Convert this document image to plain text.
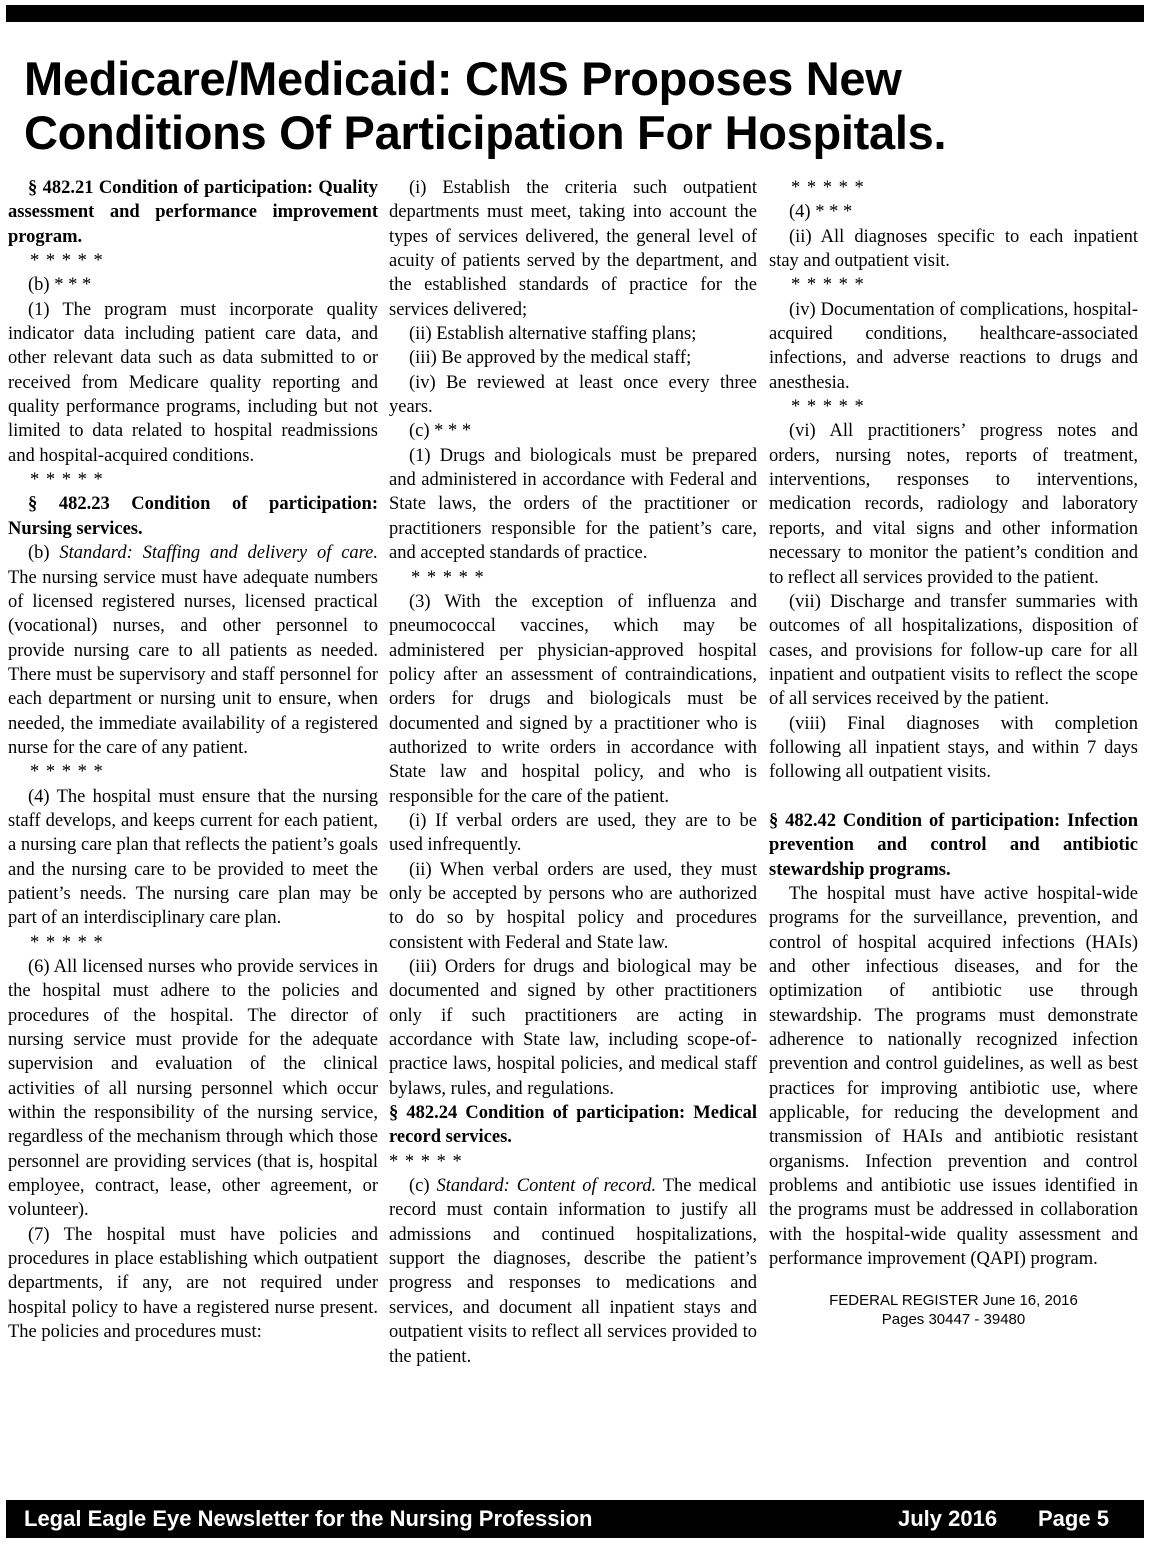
Medicare/Medicaid: CMS Proposes New
Conditions Of Participation For Hospitals.
§ 482.21 Condition of participation: Quality assessment and performance improvement program.

* * * * *

(b) * * *

(1) The program must incorporate quality indicator data including patient care data, and other relevant data such as data submitted to or received from Medicare quality reporting and quality performance programs, including but not limited to data related to hospital readmissions and hospital-acquired conditions.

* * * * *

§ 482.23 Condition of participation: Nursing services.

(b) Standard: Staffing and delivery of care. The nursing service must have adequate numbers of licensed registered nurses, licensed practical (vocational) nurses, and other personnel to provide nursing care to all patients as needed. There must be supervisory and staff personnel for each department or nursing unit to ensure, when needed, the immediate availability of a registered nurse for the care of any patient.

* * * * *

(4) The hospital must ensure that the nursing staff develops, and keeps current for each patient, a nursing care plan that reflects the patient’s goals and the nursing care to be provided to meet the patient’s needs. The nursing care plan may be part of an interdisciplinary care plan.

* * * * *

(6) All licensed nurses who provide services in the hospital must adhere to the policies and procedures of the hospital. The director of nursing service must provide for the adequate supervision and evaluation of the clinical activities of all nursing personnel which occur within the responsibility of the nursing service, regardless of the mechanism through which those personnel are providing services (that is, hospital employee, contract, lease, other agreement, or volunteer).

(7) The hospital must have policies and procedures in place establishing which outpatient departments, if any, are not required under hospital policy to have a registered nurse present. The policies and procedures must:

(i) Establish the criteria such outpatient departments must meet, taking into account the types of services delivered, the general level of acuity of patients served by the department, and the established standards of practice for the services delivered;

(ii) Establish alternative staffing plans;

(iii) Be approved by the medical staff;

(iv) Be reviewed at least once every three years.

(c) * * *

(1) Drugs and biologicals must be prepared and administered in accordance with Federal and State laws, the orders of the practitioner or practitioners responsible for the patient’s care, and accepted standards of practice.

* * * * *

(3) With the exception of influenza and pneumococcal vaccines, which may be administered per physician-approved hospital policy after an assessment of contraindications, orders for drugs and biologicals must be documented and signed by a practitioner who is authorized to write orders in accordance with State law and hospital policy, and who is responsible for the care of the patient.

(i) If verbal orders are used, they are to be used infrequently.

(ii) When verbal orders are used, they must only be accepted by persons who are authorized to do so by hospital policy and procedures consistent with Federal and State law.

(iii) Orders for drugs and biological may be documented and signed by other practitioners only if such practitioners are acting in accordance with State law, including scope-of-practice laws, hospital policies, and medical staff bylaws, rules, and regulations.

§ 482.24 Condition of participation: Medical record services.

* * * * *

(c) Standard: Content of record. The medical record must contain information to justify all admissions and continued hospitalizations, support the diagnoses, describe the patient’s progress and responses to medications and services, and document all inpatient stays and outpatient visits to reflect all services provided to the patient.

* * * * *

(4) * * *

(ii) All diagnoses specific to each inpatient stay and outpatient visit.

* * * * *

(iv) Documentation of complications, hospital-acquired conditions, healthcare-associated infections, and adverse reactions to drugs and anesthesia.

* * * * *

(vi) All practitioners’ progress notes and orders, nursing notes, reports of treatment, interventions, responses to interventions, medication records, radiology and laboratory reports, and vital signs and other information necessary to monitor the patient’s condition and to reflect all services provided to the patient.

(vii) Discharge and transfer summaries with outcomes of all hospitalizations, disposition of cases, and provisions for follow-up care for all inpatient and outpatient visits to reflect the scope of all services received by the patient.

(viii) Final diagnoses with completion following all inpatient stays, and within 7 days following all outpatient visits.

§ 482.42 Condition of participation: Infection prevention and control and antibiotic stewardship programs.

The hospital must have active hospital-wide programs for the surveillance, prevention, and control of hospital acquired infections (HAIs) and other infectious diseases, and for the optimization of antibiotic use through stewardship. The programs must demonstrate adherence to nationally recognized infection prevention and control guidelines, as well as best practices for improving antibiotic use, where applicable, for reducing the development and transmission of HAIs and antibiotic resistant organisms. Infection prevention and control problems and antibiotic use issues identified in the programs must be addressed in collaboration with the hospital-wide quality assessment and performance improvement (QAPI) program.

FEDERAL REGISTER June 16, 2016
Pages 30447 - 39480
Legal Eagle Eye Newsletter for the Nursing Profession	July 2016 Page 5
